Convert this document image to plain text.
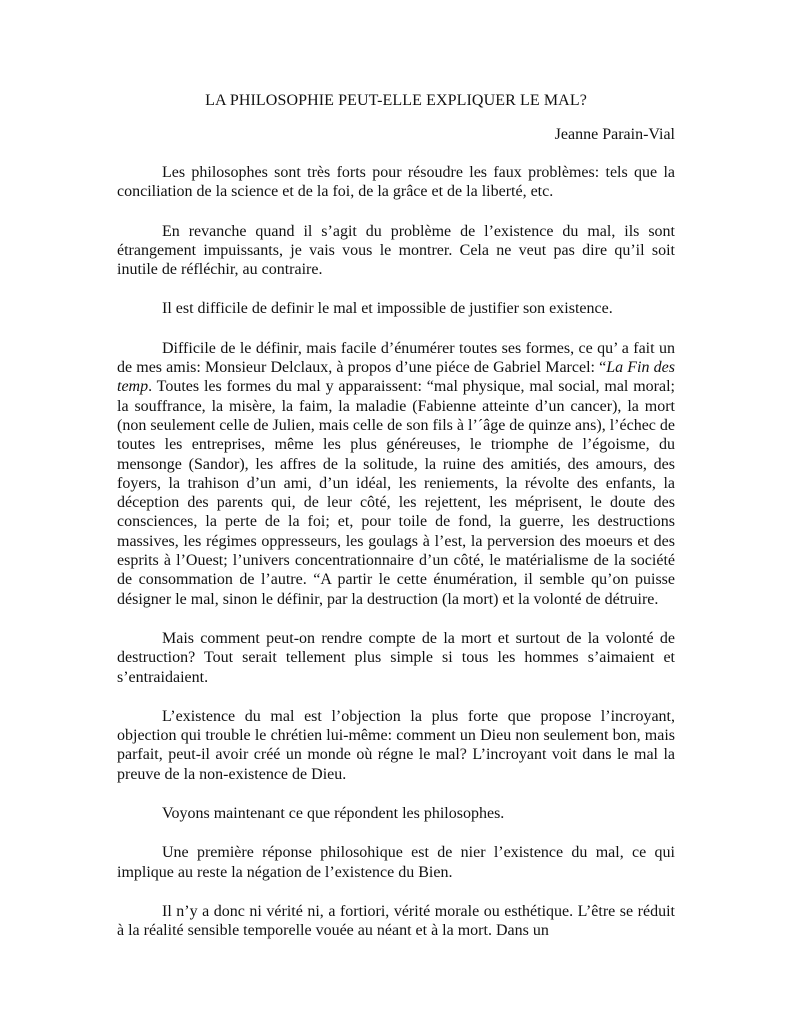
LA PHILOSOPHIE PEUT-ELLE EXPLIQUER LE MAL?
Jeanne Parain-Vial

Les philosophes sont très forts pour résoudre les faux problèmes: tels que la conciliation de la science et de la foi, de la grâce et de la liberté, etc.

En revanche quand il s’agit du problème de l’existence du mal, ils sont étrangement impuissants, je vais vous le montrer. Cela ne veut pas dire qu’il soit inutile de réfléchir, au contraire.

Il est difficile de definir le mal et impossible de justifier son existence.

Difficile de le définir, mais facile d’énumérer toutes ses formes, ce qu’ a fait un de mes amis: Monsieur Delclaux, à propos d’une piéce de Gabriel Marcel: “La Fin des temp. Toutes les formes du mal y apparaissent: “mal physique, mal social, mal moral; la souffrance, la misère, la faim, la maladie (Fabienne atteinte d’un cancer), la mort (non seulement celle de Julien, mais celle de son fils à l’´âge de quinze ans), l’échec de toutes les entreprises, même les plus généreuses, le triomphe de l’égoisme, du mensonge (Sandor), les affres de la solitude, la ruine des amitiés, des amours, des foyers, la trahison d’un ami, d’un idéal, les reniements, la révolte des enfants, la déception des parents qui, de leur côté, les rejettent, les méprisent, le doute des consciences, la perte de la foi; et, pour toile de fond, la guerre, les destructions massives, les régimes oppresseurs, les goulags à l’est, la perversion des moeurs et des esprits à l’Ouest; l’univers concentrationnaire d’un côté, le matérialisme de la société de consommation de l’autre. “A partir le cette énumération, il semble qu’on puisse désigner le mal, sinon le définir, par la destruction (la mort) et la volonté de détruire.

Mais comment peut-on rendre compte de la mort et surtout de la volonté de destruction? Tout serait tellement plus simple si tous les hommes s’aimaient et s’entraidaient.

L’existence du mal est l’objection la plus forte que propose l’incroyant, objection qui trouble le chrétien lui-même: comment un Dieu non seulement bon, mais parfait, peut-il avoir créé un monde où régne le mal? L’incroyant voit dans le mal la preuve de la non-existence de Dieu.

Voyons maintenant ce que répondent les philosophes.

Une première réponse philosohique est de nier l’existence du mal, ce qui implique au reste la négation de l’existence du Bien.

Il n’y a donc ni vérité ni, a fortiori, vérité morale ou esthétique. L’être se réduit à la réalité sensible temporelle vouée au néant et à la mort. Dans un
